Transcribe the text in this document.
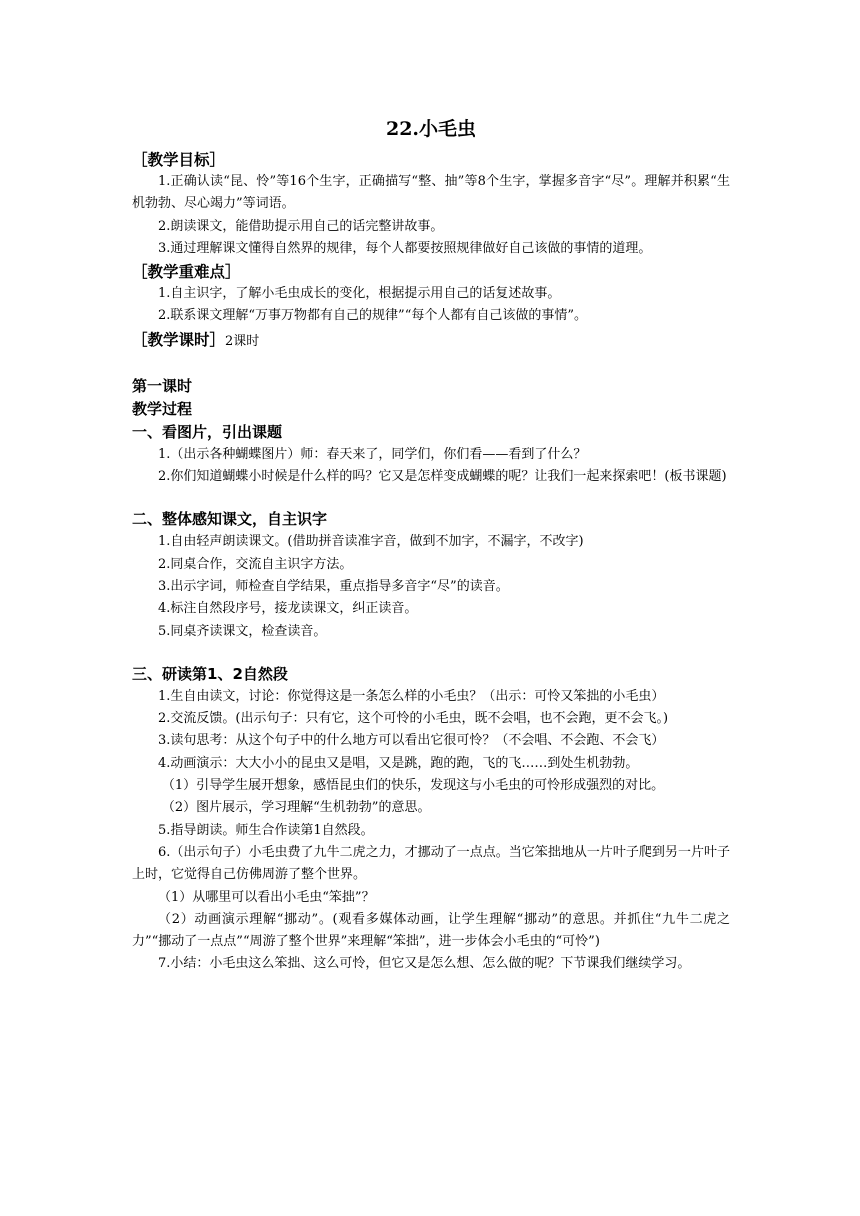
22.小毛虫

［教学目标］

1.正确认读“昆、怜”等16个生字，正确描写“整、抽”等8个生字，掌握多音字“尽”。理解并积累“生机勃勃、尽心竭力”等词语。

2.朗读课文，能借助提示用自己的话完整讲故事。

3.通过理解课文懂得自然界的规律，每个人都要按照规律做好自己该做的事情的道理。

［教学重难点］

1.自主识字，了解小毛虫成长的变化，根据提示用自己的话复述故事。

2.联系课文理解“万事万物都有自己的规律”“每个人都有自己该做的事情”。

［教学课时］2课时

第一课时

教学过程

一、看图片，引出课题

1.（出示各种蝴蝶图片）师：春天来了，同学们，你们看——看到了什么？

2.你们知道蝴蝶小时候是什么样的吗？它又是怎样变成蝴蝶的呢？让我们一起来探索吧！(板书课题)

二、整体感知课文，自主识字

1.自由轻声朗读课文。(借助拼音读准字音，做到不加字，不漏字，不改字)

2.同桌合作，交流自主识字方法。

3.出示字词，师检查自学结果，重点指导多音字“尽”的读音。

4.标注自然段序号，接龙读课文，纠正读音。

5.同桌齐读课文，检查读音。

三、研读第1、2自然段

1.生自由读文，讨论：你觉得这是一条怎么样的小毛虫？（出示：可怜又笨拙的小毛虫）

2.交流反馈。(出示句子：只有它，这个可怜的小毛虫，既不会唱，也不会跑，更不会飞。)

3.读句思考：从这个句子中的什么地方可以看出它很可怜？（不会唱、不会跑、不会飞）

4.动画演示：大大小小的昆虫又是唱，又是跳，跑的跑，飞的飞……到处生机勃勃。

（1）引导学生展开想象，感悟昆虫们的快乐，发现这与小毛虫的可怜形成强烈的对比。

（2）图片展示，学习理解“生机勃勃”的意思。

5.指导朗读。师生合作读第1自然段。

6.（出示句子）小毛虫费了九牛二虎之力，才挪动了一点点。当它笨拙地从一片叶子爬到另一片叶子上时，它觉得自己仿佛周游了整个世界。

（1）从哪里可以看出小毛虫“笨拙”？

（2）动画演示理解“挪动”。(观看多媒体动画，让学生理解“挪动”的意思。并抓住“九牛二虎之力”“挪动了一点点”“周游了整个世界”来理解“笨拙”，进一步体会小毛虫的“可怜”)

7.小结：小毛虫这么笨拙、这么可怜，但它又是怎么想、怎么做的呢？下节课我们继续学习。
